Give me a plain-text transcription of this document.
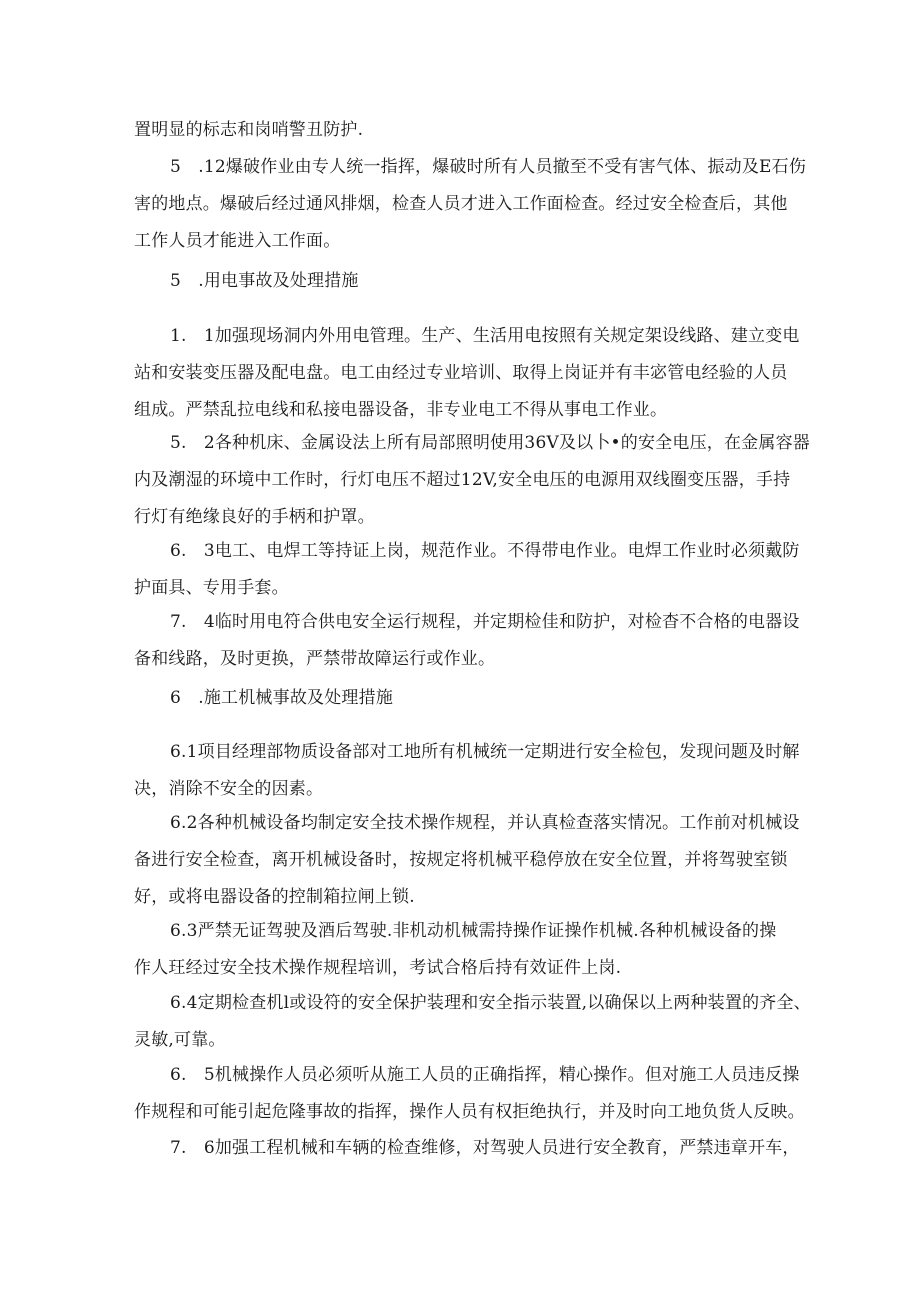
置明显的标志和岗哨警丑防护.

5　.12爆破作业由专人统一指挥，爆破时所有人员撤至不受有害气体、振动及E石伤
害的地点。爆破后经过通风排烟，检查人员才进入工作面检查。经过安全检查后，其他
工作人员才能进入工作面。

5　.用电事故及处理措施

1.　1加强现场洞内外用电管理。生产、生活用电按照有关规定架设线路、建立变电
站和安装变压器及配电盘。电工由经过专业培训、取得上岗证并有丰宓管电经验的人员
组成。严禁乱拉电线和私接电器设备，非专业电工不得从事电工作业。

5.　2各种机床、金属设法上所有局部照明使用36V及以卜•的安全电压，在金属容器
内及潮湿的环境中工作时，行灯电压不超过12V,安全电压的电源用双线圈变压器，手持
行灯有绝缘良好的手柄和护罩。

6.　3电工、电焊工等持证上岗，规范作业。不得带电作业。电焊工作业时必须戴防
护面具、专用手套。

7.　4临时用电符合供电安全运行规程，并定期检佳和防护，对检杳不合格的电器设
备和线路，及时更换，严禁带故障运行或作业。

6　.施工机械事故及处理措施

6.1项目经理部物质设备部对工地所有机械统一定期进行安全检包，发现问题及时解
决，消除不安全的因素。

6.2各种机械设备均制定安全技术操作规程，并认真检查落实情况。工作前对机械设
备进行安全检查，离开机械设备时，按规定将机械平稳停放在安全位置，并将驾驶室锁
好，或将电器设备的控制箱拉闸上锁.

6.3严禁无证驾驶及酒后驾驶.非机动机械需持操作证操作机械.各种机械设备的操
作人玨经过安全技术操作规程培训，考试合格后持有效证件上岗.

6.4定期检查机l或设符的安全保护装理和安全指示装置,以确保以上两种装置的齐全、
灵敏,可靠。

6.　5机械操作人员必须听从施工人员的正确指挥，精心操作。但对施工人员违反操
作规程和可能引起危隆事故的指挥，操作人员有权拒绝执行，并及时向工地负货人反映。

7.　6加强工程机械和车辆的检查维修，对驾驶人员进行安全教育，严禁违章开车，
